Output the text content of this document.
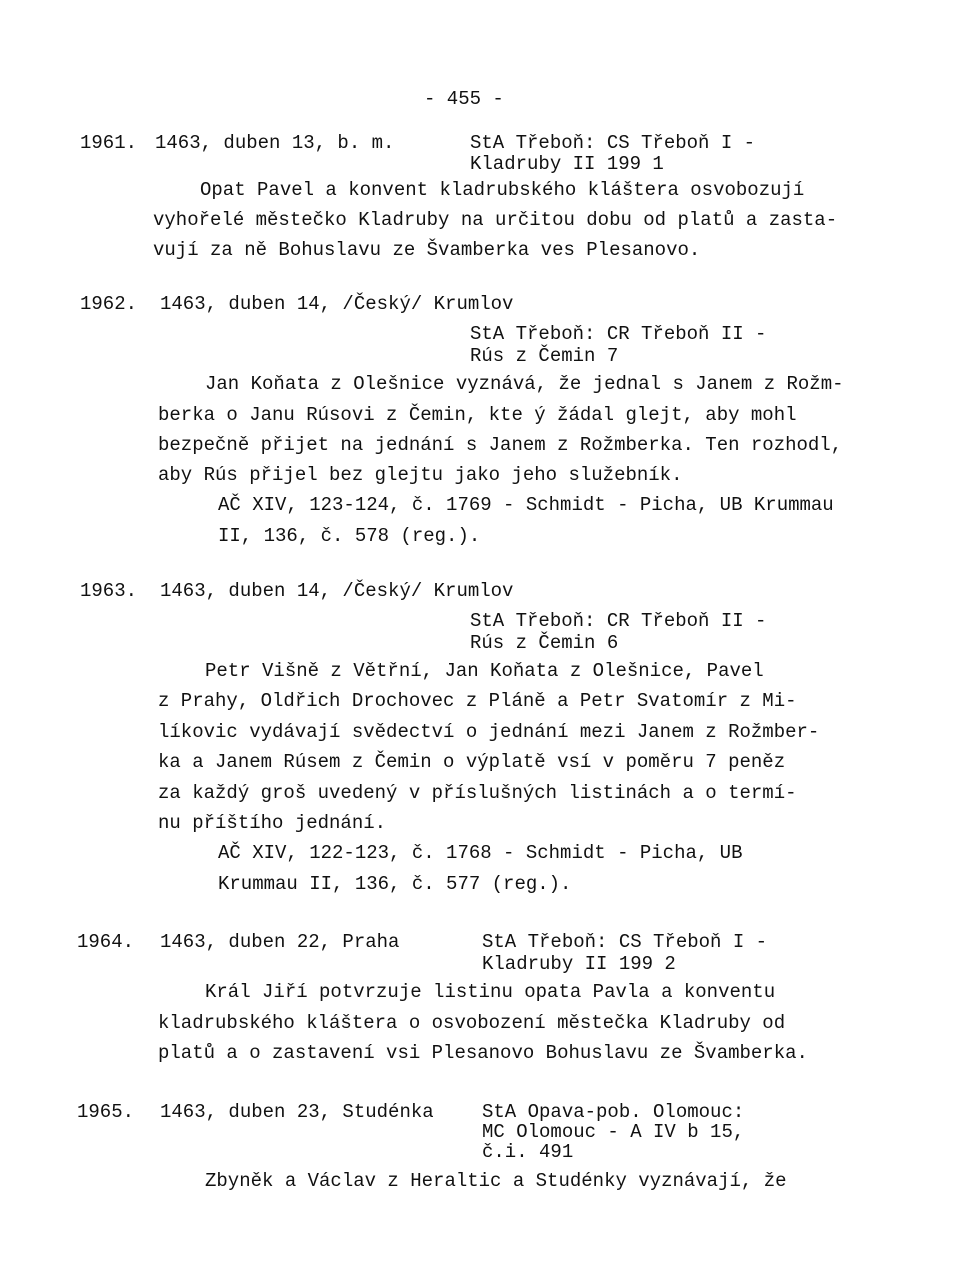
- 455 -
1961. 1463, duben 13, b. m.	StA Třeboň: CS Třeboň I -
Kladruby II 199 1
Opat Pavel a konvent kladrubského kláštera osvobozují
vyhořelé městečko Kladruby na určitou dobu od platů a zasta-
vují za ně Bohuslavu ze Švamberka ves Plesanovo.
1962. 1463, duben 14, /Český/ Krumlov
StA Třeboň: CR Třeboň II -
Rús z Čemin 7
Jan Koňata z Olešnice vyznává, že jednal s Janem z Rožm-
berka o Janu Rúsovi z Čemin, kte ý žádal glejt, aby mohl
bezpečně přijet na jednání s Janem z Rožmberka. Ten rozhodl,
aby Rús přijel bez glejtu jako jeho služebník.
AČ XIV, 123-124, č. 1769 - Schmidt - Picha, UB Krummau
II, 136, č. 578 (reg.).
1963. 1463, duben 14, /Český/ Krumlov
StA Třeboň: CR Třeboň II -
Rús z Čemin 6
Petr Višně z Větřní, Jan Koňata z Olešnice, Pavel
z Prahy, Oldřich Drochovec z Pláně a Petr Svatomír z Mi-
líkovic vydávají svědectví o jednání mezi Janem z Rožmber-
ka a Janem Rúsem z Čemin o výplatě vsí v poměru 7 peněz
za každý groš uvedený v příslušných listinách a o termí-
nu příštího jednání.
AČ XIV, 122-123, č. 1768 - Schmidt - Picha, UB
Krummau II, 136, č. 577 (reg.).
1964. 1463, duben 22, Praha	StA Třeboň: CS Třeboň I -
Kladruby II 199 2
Král Jiří potvrzuje listinu opata Pavla a konventu
kladrubského kláštera o osvobození městečka Kladruby od
platů a o zastavení vsi Plesanovo Bohuslavu ze Švamberka.
1965. 1463, duben 23, Studénka	StA Opava-pob. Olomouc:
MC Olomouc - A IV b 15,
č.i. 491
Zbyněk a Václav z Heraltic a Studénky vyznávají, že
